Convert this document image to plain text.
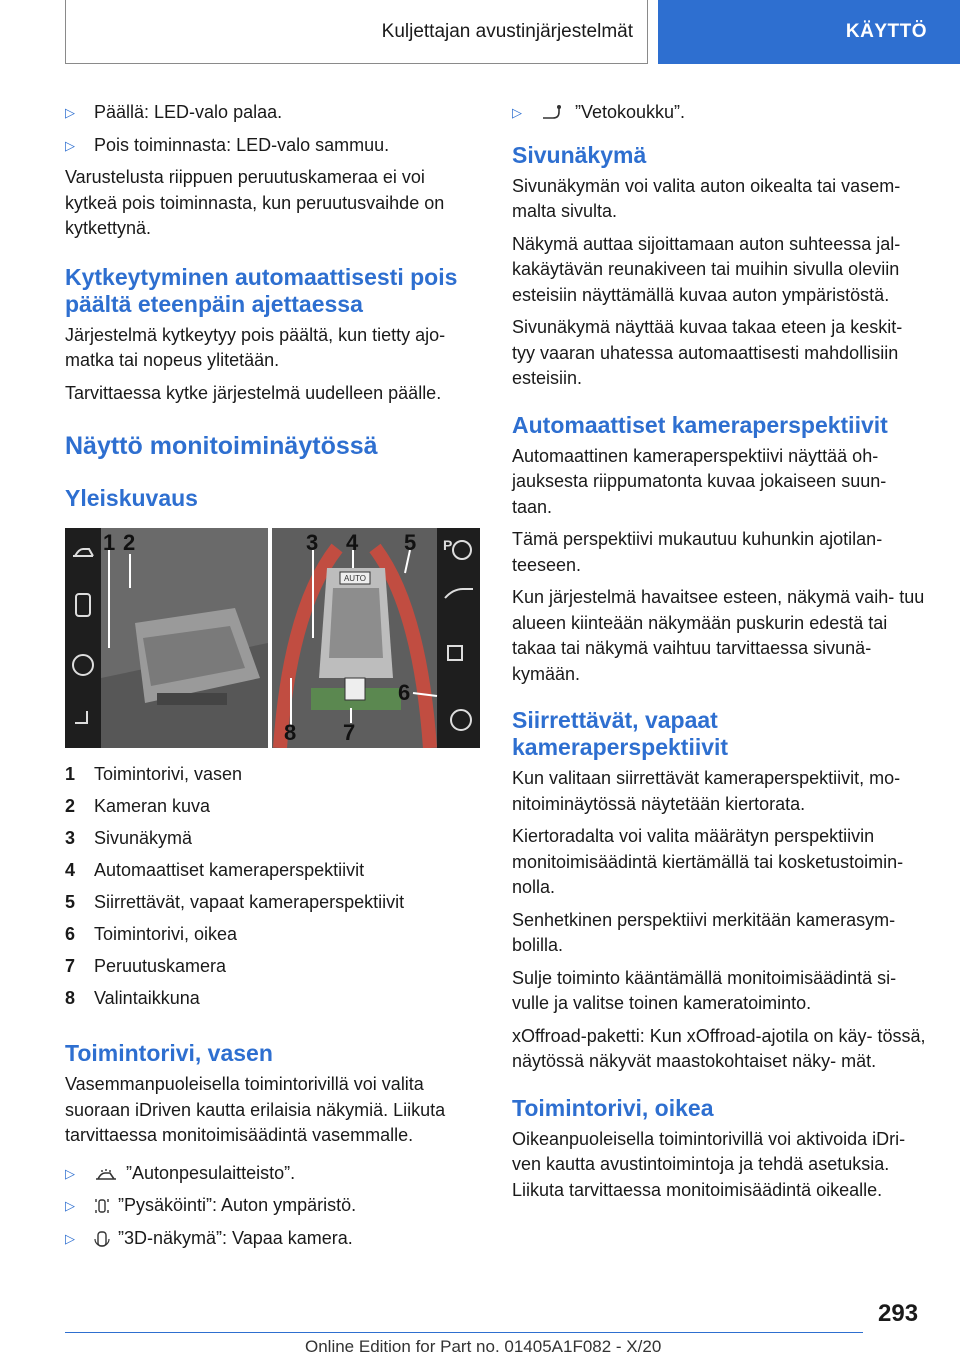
Kuljettajan avustinjärjestelmät	KÄYTTÖ
▷ Päällä: LED-valo palaa.
▷ Pois toiminnasta: LED-valo sammuu.

Varustelusta riippuen peruutuskameraa ei voi kytkeä pois toiminnasta, kun peruutusvaihde on kytkettynä.

Kytkeytyminen automaattisesti pois päältä eteenpäin ajettaessa

Järjestelmä kytkeytyy pois päältä, kun tietty ajo- matka tai nopeus ylitetään.

Tarvittaessa kytke järjestelmä uudelleen päälle.

Näyttö monitoiminäytössä
Yleiskuvaus
AUTO
P
1 2	3 4 5
6
7
8
1	Toimintorivi, vasen
2	Kameran kuva
3	Sivunäkymä
4	Automaattiset kameraperspektiivit
5	Siirrettävät, vapaat kameraperspektiivit
6	Toimintorivi, oikea
7	Peruutuskamera
8	Valintaikkuna
Toimintorivi, vasen

Vasemmanpuoleisella toimintorivillä voi valita suoraan iDriven kautta erilaisia näkymiä. Liikuta tarvittaessa monitoimisäädintä vasemmalle.

▷	”Autonpesulaitteisto”.
▷ ”Pysäköinti”: Auton ympäristö.
▷ ”3D-näkymä”: Vapaa kamera.
▷	”Vetokoukku”.
Sivunäkymä

Sivunäkymän voi valita auton oikealta tai vasem- malta sivulta.

Näkymä auttaa sijoittamaan auton suhteessa jal- kakäytävän reunakiveen tai muihin sivulla oleviin esteisiin näyttämällä kuvaa auton ympäristöstä.

Sivunäkymä näyttää kuvaa takaa eteen ja keskit- tyy vaaran uhatessa automaattisesti mahdollisiin esteisiin.

Automaattiset kameraperspektiivit

Automaattinen kameraperspektiivi näyttää oh- jauksesta riippumatonta kuvaa jokaiseen suun- taan.

Tämä perspektiivi mukautuu kuhunkin ajotilan- teeseen.

Kun järjestelmä havaitsee esteen, näkymä vaih- tuu alueen kiinteään näkymään puskurin edestä tai takaa tai näkymä vaihtuu tarvittaessa sivunä- kymään.

Siirrettävät, vapaat kameraperspektiivit

Kun valitaan siirrettävät kameraperspektiivit, mo- nitoiminäytössä näytetään kiertorata.

Kiertoradalta voi valita määrätyn perspektiivin monitoimisäädintä kiertämällä tai kosketustoimin- nolla.

Senhetkinen perspektiivi merkitään kamerasym- bolilla.

Sulje toiminto kääntämällä monitoimisäädintä si- vulle ja valitse toinen kameratoiminto.

xOffroad-paketti: Kun xOffroad-ajotila on käy- tössä, näytössä näkyvät maastokohtaiset näky- mät.

Toimintorivi, oikea

Oikeanpuoleisella toimintorivillä voi aktivoida iDri- ven kautta avustintoimintoja ja tehdä asetuksia. Liikuta tarvittaessa monitoimisäädintä oikealle.

293
Online Edition for Part no. 01405A1F082 - X/20
